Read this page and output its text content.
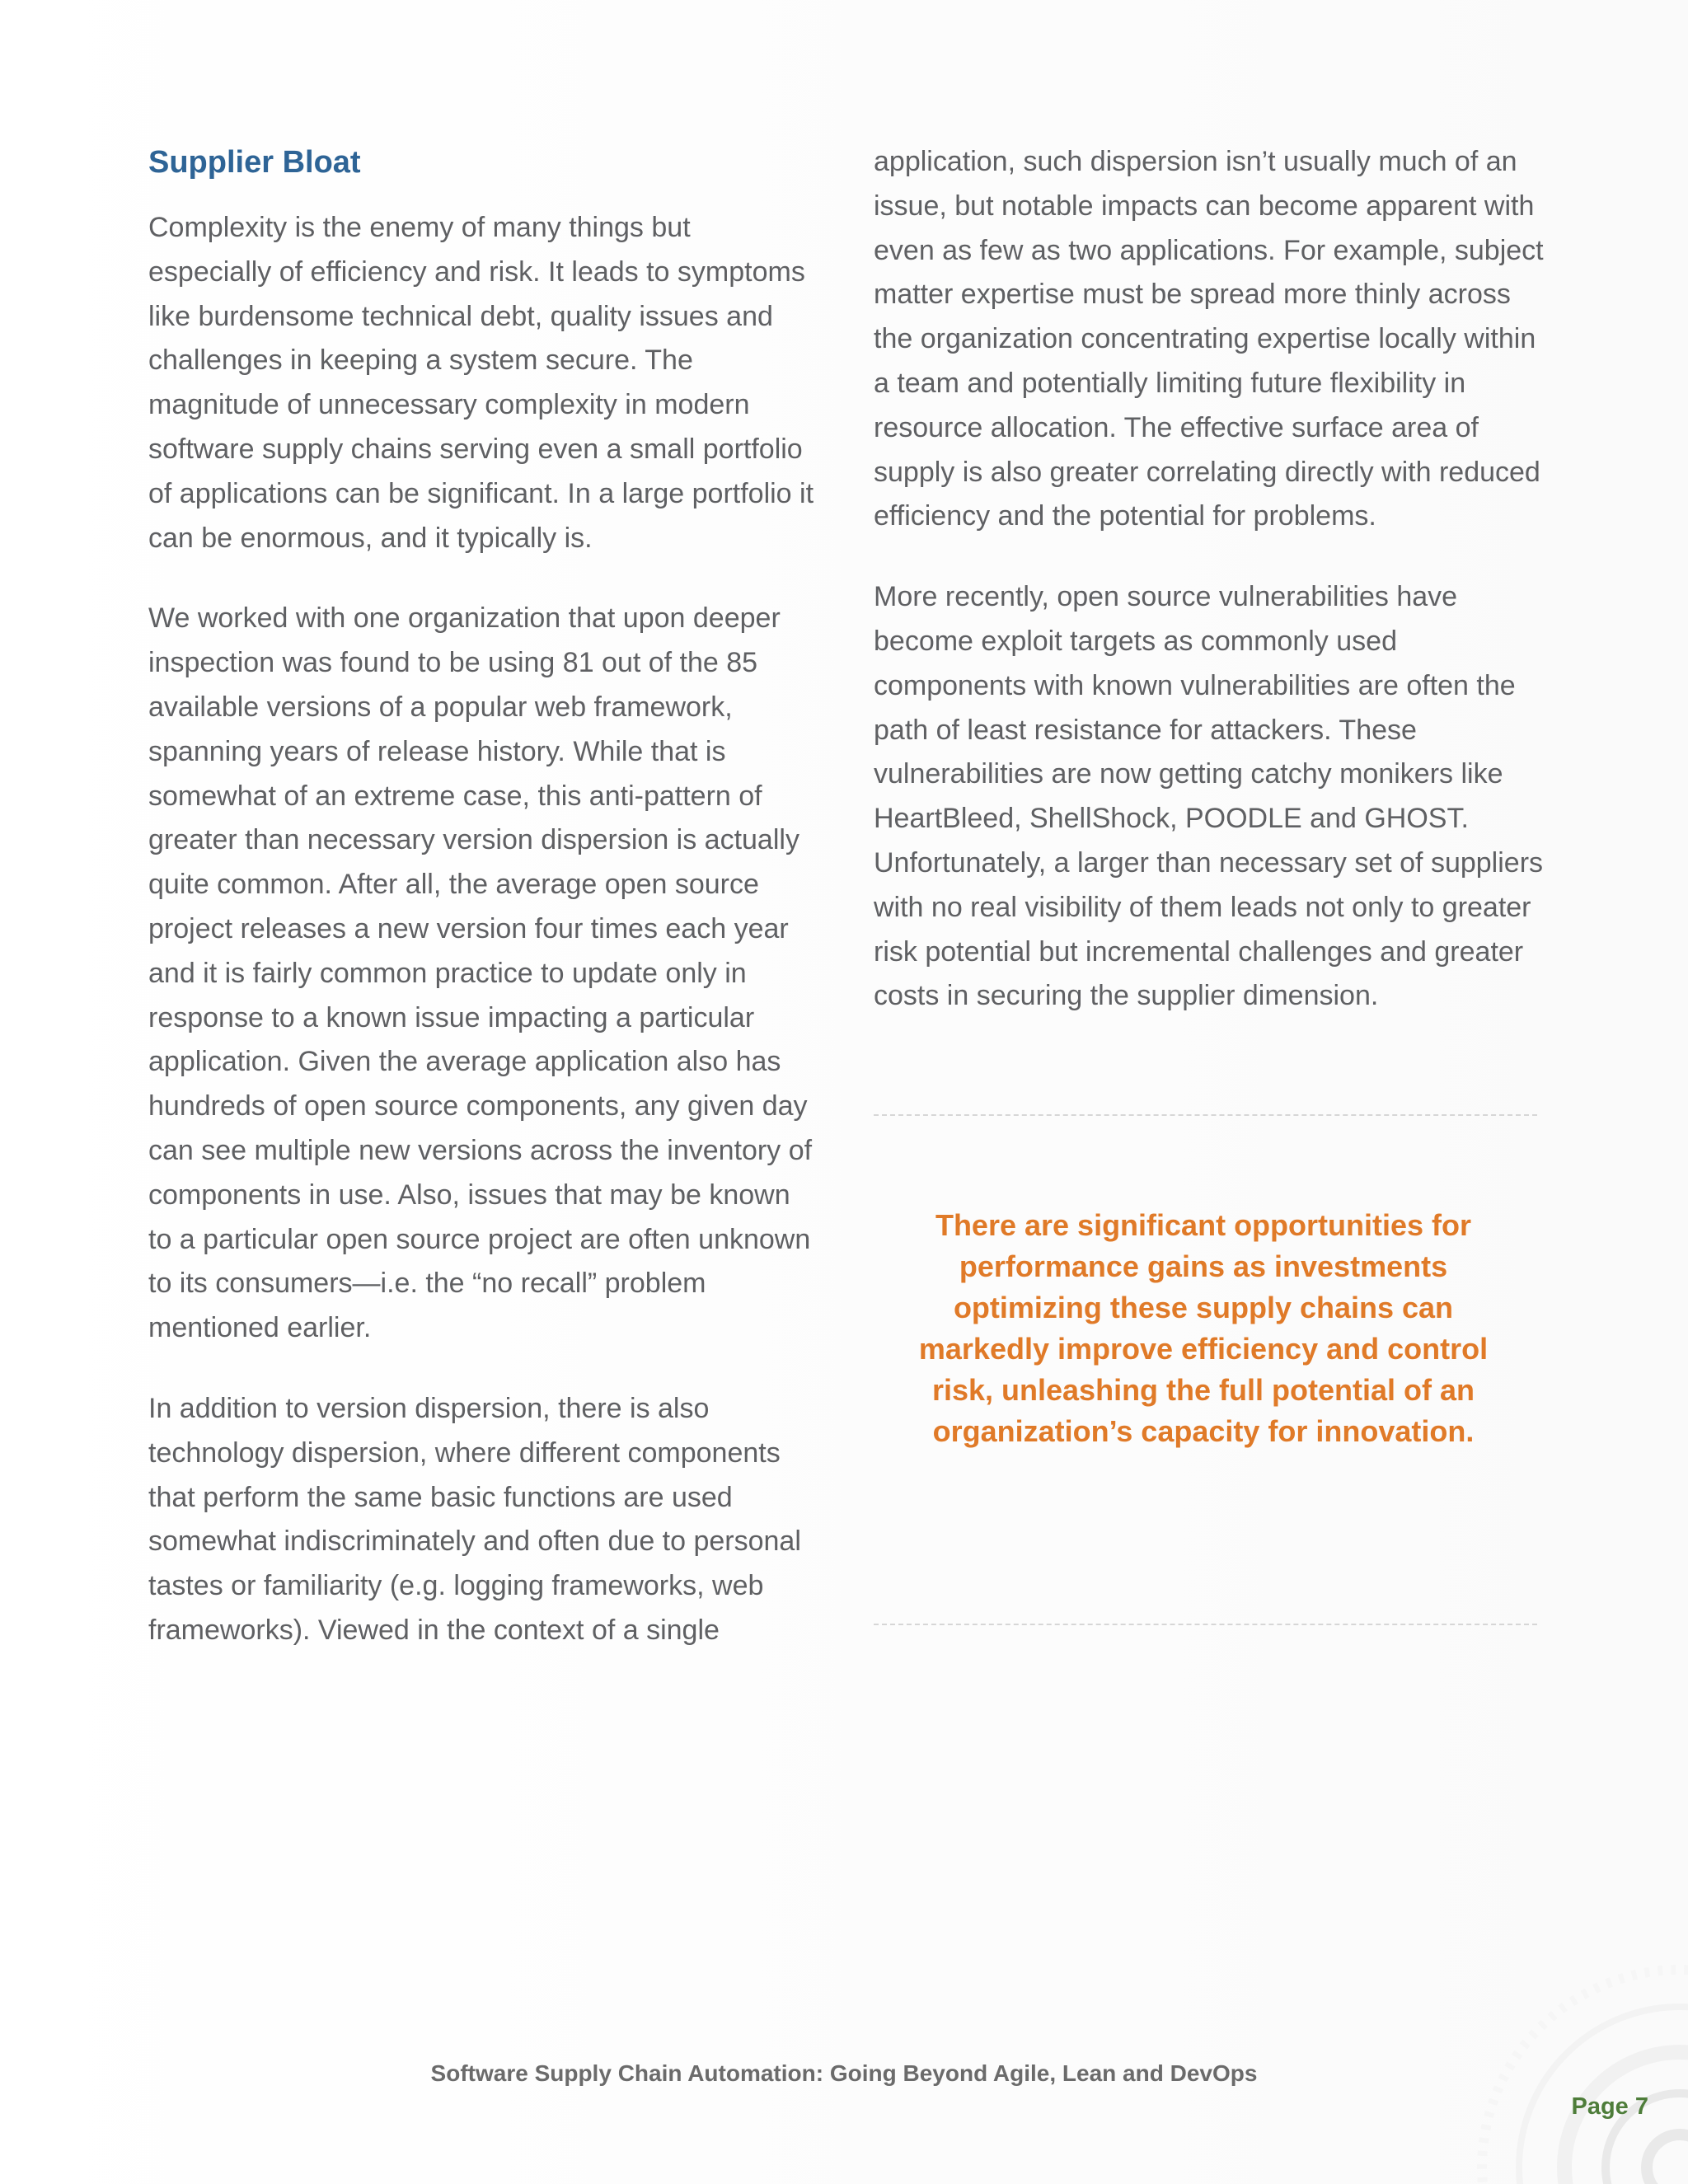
Supplier Bloat

Complexity is the enemy of many things but especially of efficiency and risk. It leads to symptoms like burdensome technical debt, quality issues and challenges in keeping a system secure. The magnitude of unnecessary complexity in modern software supply chains serving even a small portfolio of applications can be significant. In a large portfolio it can be enormous, and it typically is.

We worked with one organization that upon deeper inspection was found to be using 81 out of the 85 available versions of a popular web framework, spanning years of release history. While that is somewhat of an extreme case, this anti-pattern of greater than necessary version dispersion is actually quite common. After all, the average open source project releases a new version four times each year and it is fairly common practice to update only in response to a known issue impacting a particular application. Given the average application also has hundreds of open source components, any given day can see multiple new versions across the inventory of components in use. Also, issues that may be known to a particular open source project are often unknown to its consumers—i.e. the “no recall” problem mentioned earlier.

In addition to version dispersion, there is also technology dispersion, where different components that perform the same basic functions are used somewhat indiscriminately and often due to personal tastes or familiarity (e.g. logging frameworks, web frameworks). Viewed in the context of a single

application, such dispersion isn’t usually much of an issue, but notable impacts can become apparent with even as few as two applications. For example, subject matter expertise must be spread more thinly across the organization concentrating expertise locally within a team and potentially limiting future flexibility in resource allocation. The effective surface area of supply is also greater correlating directly with reduced efficiency and the potential for problems.

More recently, open source vulnerabilities have become exploit targets as commonly used components with known vulnerabilities are often the path of least resistance for attackers. These vulnerabilities are now getting catchy monikers like HeartBleed, ShellShock, POODLE and GHOST. Unfortunately, a larger than necessary set of suppliers with no real visibility of them leads not only to greater risk potential but incremental challenges and greater costs in securing the supplier dimension.

There are significant opportunities for performance gains as investments optimizing these supply chains can markedly improve efficiency and control risk, unleashing the full potential of an organization’s capacity for innovation.
Software Supply Chain Automation: Going Beyond Agile, Lean and DevOps
Page 7
